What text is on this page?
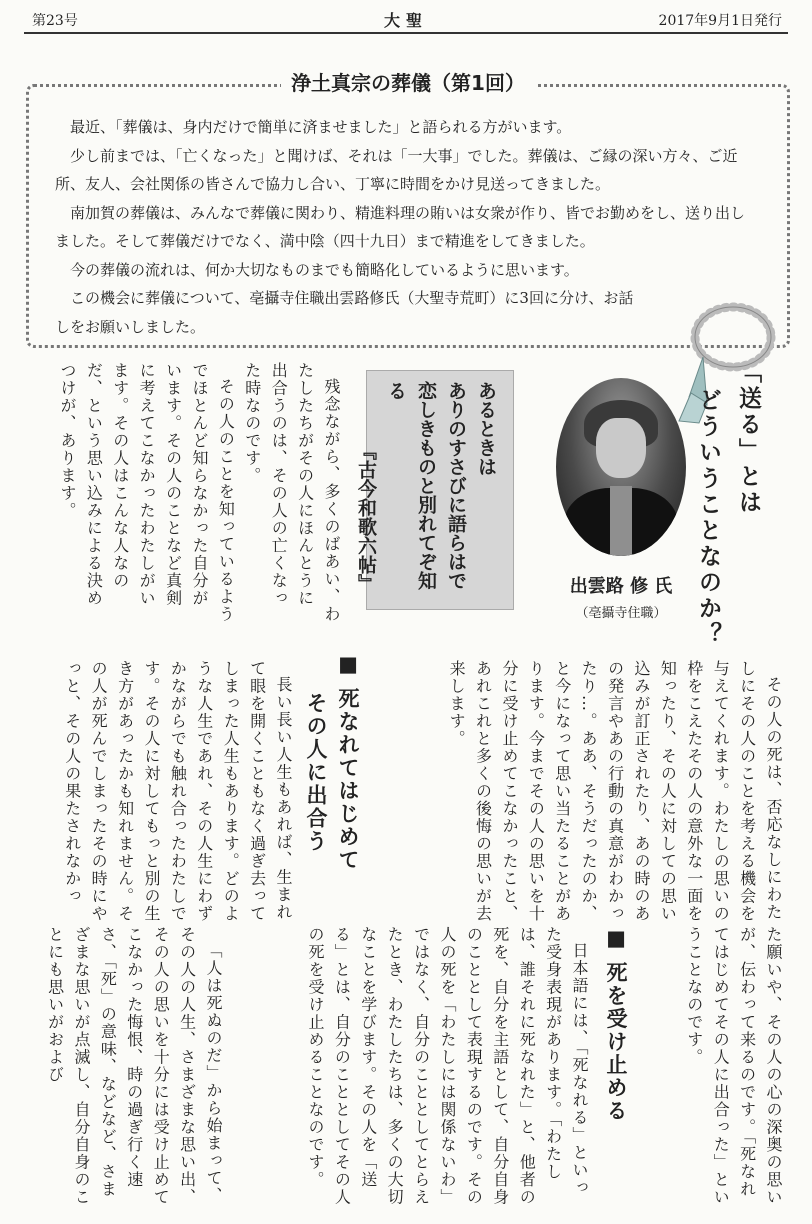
第23号	大聖	2017年9月1日発行
浄土真宗の葬儀（第1回）

最近、「葬儀は、身内だけで簡単に済ませました」と語られる方がいます。

少し前までは、「亡くなった」と聞けば、それは「一大事」でした。葬儀は、ご縁の深い方々、ご近所、友人、会社関係の皆さんで協力し合い、丁寧に時間をかけ見送ってきました。

南加賀の葬儀は、みんなで葬儀に関わり、精進料理の賄いは女衆が作り、皆でお勤めをし、送り出しました。そして葬儀だけでなく、満中陰（四十九日）まで精進をしてきました。

今の葬儀の流れは、何か大切なものまでも簡略化しているように思います。

この機会に葬儀について、亳攝寺住職出雲路修氏（大聖寺荒町）に3回に分け、お話しをお願いしました。

「送る」とは
どういうことなのか？
出雲路 修 氏
（亳攝寺住職）
あるときは
ありのすさびに語らはで
恋しきものと別れてぞ知る
『古今和歌六帖』

残念ながら、多くのばあい、わたしたちがその人にほんとうに出合うのは、その人の亡くなった時なのです。

その人のことを知っているようでほとんど知らなかった自分がいます。その人のことなど真剣に考えてこなかったわたしがいます。その人はこんな人なのだ、という思い込みによる決めつけが、あります。

その人の死は、否応なしにわたしにその人のことを考える機会を与えてくれます。わたしの思いの枠をこえたその人の意外な一面を知ったり、その人に対しての思い込みが訂正されたり、あの時のあの発言やあの行動の真意がわかったり…。ああ、そうだったのか、と今になって思い当たることがあります。今までその人の思いを十分に受け止めてこなかったこと、あれこれと多くの後悔の思いが去来します。

■ 死なれてはじめて
その人に出合う

長い長い人生もあれば、生まれて眼を開くこともなく過ぎ去ってしまった人生もあります。どのような人生であれ、その人生にわずかながらでも触れ合ったわたしです。その人に対してもっと別の生き方があったかも知れません。その人が死んでしまったその時にやっと、その人の果たされなかっ

■ 死を受け止める	た願いや、その人の心の深奥の思いが、伝わって来るのです。「死なれてはじめてその人に出合った」ということなのです。

日本語には、「死なれる」といった受身表現があります。「わたしは、誰それに死なれた」と、他者の死を、自分を主語として、自分自身のこととして表現するのです。その人の死を「わたしには関係ないわ」ではなく、自分のこととしてとらえたとき、わたしたちは、多くの大切なことを学びます。その人を「送る」とは、自分のこととしてその人の死を受け止めることなのです。

「人は死ぬのだ」から始まって、その人の人生、さまざまな思い出、その人の思いを十分には受け止めてこなかった悔恨、時の過ぎ行く速さ、「死」の意味、などなど、さまざまな思いが点滅し、自分自身のことにも思いがおよび
